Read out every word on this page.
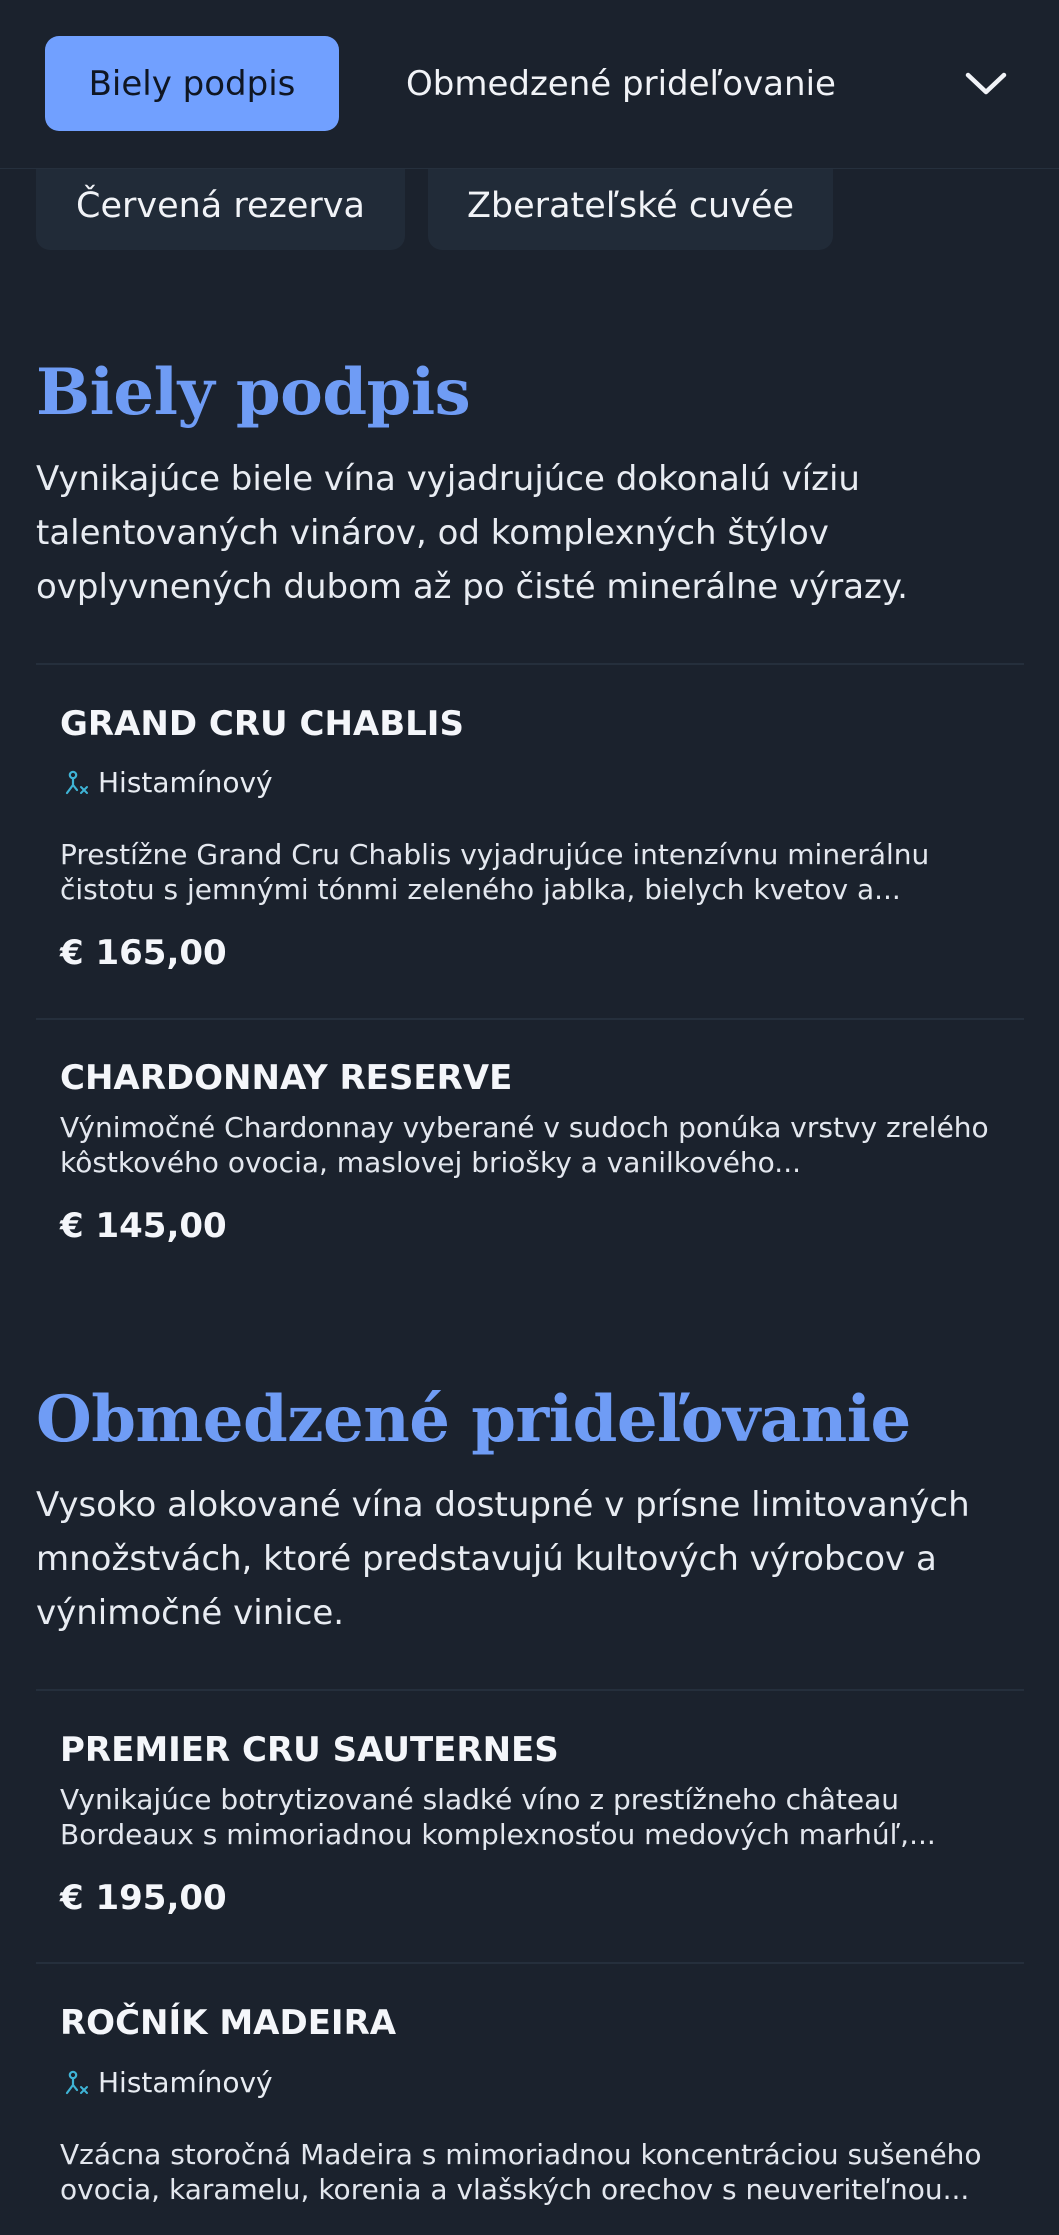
Biely podpis	Obmedzené prideľovanie
Červená rezerva	Zberateľské cuvée
Biely podpis
Vynikajúce biele vína vyjadrujúce dokonalú víziu talentovaných vinárov, od komplexných štýlov ovplyvnených dubom až po čisté minerálne výrazy.
GRAND CRU CHABLIS
Histamínový
Prestížne Grand Cru Chablis vyjadrujúce intenzívnu minerálnu čistotu s jemnými tónmi zeleného jablka, bielych kvetov a...
€ 165,00
CHARDONNAY RESERVE
Výnimočné Chardonnay vyberané v sudoch ponúka vrstvy zrelého kôstkového ovocia, maslovej briošky a vanilkového...
€ 145,00
Obmedzené prideľovanie
Vysoko alokované vína dostupné v prísne limitovaných množstvách, ktoré predstavujú kultových výrobcov a výnimočné vinice.
PREMIER CRU SAUTERNES
Vynikajúce botrytizované sladké víno z prestížneho château Bordeaux s mimoriadnou komplexnosťou medových marhúľ,...
€ 195,00
ROČNÍK MADEIRA
Histamínový
Vzácna storočná Madeira s mimoriadnou koncentráciou sušeného ovocia, karamelu, korenia a vlašských orechov s neuveriteľnou...
